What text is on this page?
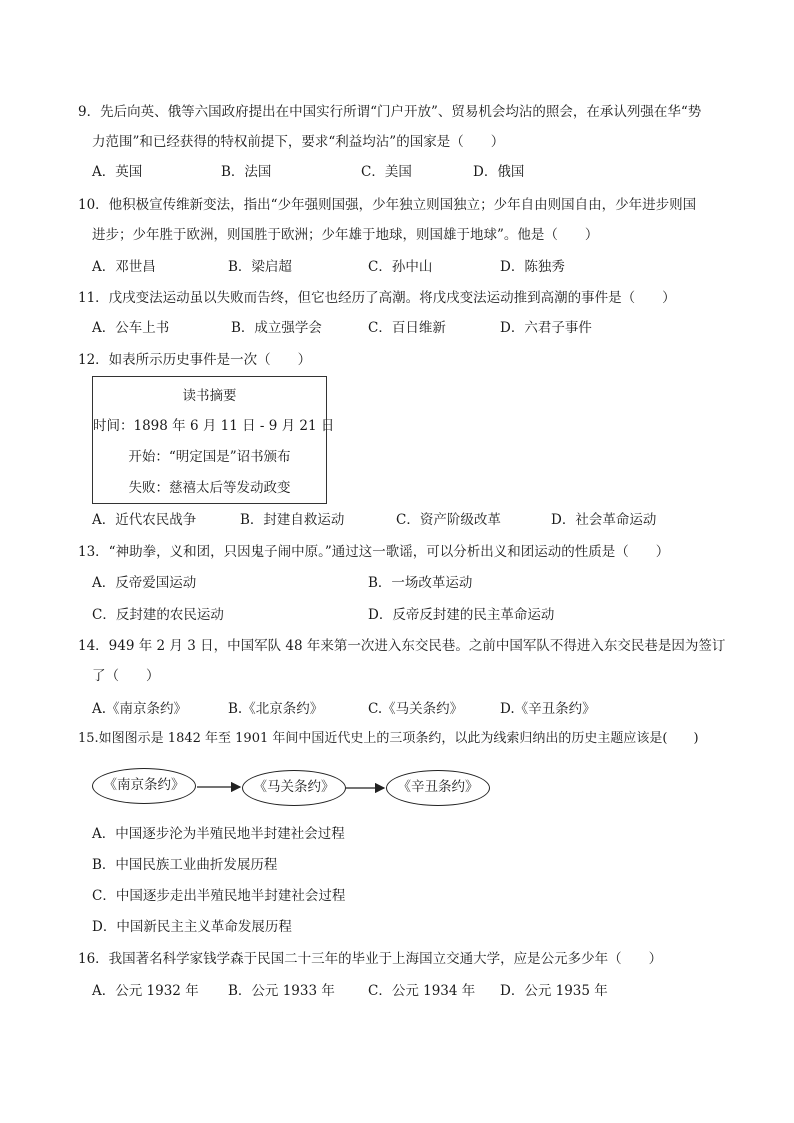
9．先后向英、俄等六国政府提出在中国实行所谓“门户开放”、贸易机会均沾的照会，在承认列强在华“势
力范围”和已经获得的特权前提下，要求“利益均沾”的国家是（　　）
A．英国	B．法国	C．美国	D．俄国
10．他积极宣传维新变法，指出“少年强则国强，少年独立则国独立；少年自由则国自由，少年进步则国
进步；少年胜于欧洲，则国胜于欧洲；少年雄于地球，则国雄于地球”。他是（　　）
A．邓世昌	B．梁启超	C．孙中山	D．陈独秀
11．戊戌变法运动虽以失败而告终，但它也经历了高潮。将戊戌变法运动推到高潮的事件是（　　）
A．公车上书	B．成立强学会	C．百日维新	D．六君子事件
12．如表所示历史事件是一次（　　）
读书摘要
时间：1898 年 6 月 11 日 - 9 月 21 日
开始：“明定国是”诏书颁布
失败：慈禧太后等发动政变
A．近代农民战争	B．封建自救运动	C．资产阶级改革	D．社会革命运动
13．“神助拳，义和团，只因鬼子闹中原。”通过这一歌谣，可以分析出义和团运动的性质是（　　）
A．反帝爱国运动	B．一场改革运动
C．反封建的农民运动	D．反帝反封建的民主革命运动
14．949 年 2 月 3 日，中国军队 48 年来第一次进入东交民巷。之前中国军队不得进入东交民巷是因为签订
了（　　）
A.《南京条约》	B.《北京条约》	C.《马关条约》	D.《辛丑条约》
15.如图图示是 1842 年至 1901 年间中国近代史上的三项条约，以此为线索归纳出的历史主题应该是(　　)
《南京条约》	《马关条约》	《辛丑条约》
A．中国逐步沦为半殖民地半封建社会过程
B．中国民族工业曲折发展历程
C．中国逐步走出半殖民地半封建社会过程
D．中国新民主主义革命发展历程
16．我国著名科学家钱学森于民国二十三年的毕业于上海国立交通大学，应是公元多少年（　　）
A．公元 1932 年 B．公元 1933 年 C．公元 1934 年 D．公元 1935 年
